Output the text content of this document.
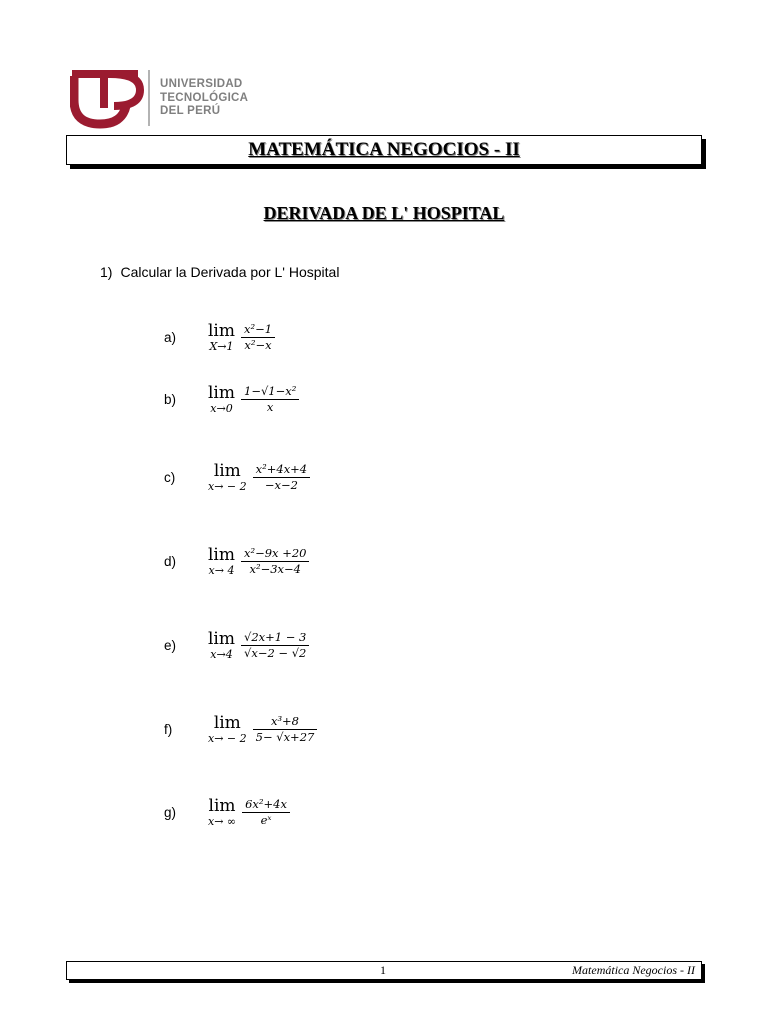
UNIVERSIDAD
TECNOLÓGICA
DEL PERÚ
MATEMÁTICA NEGOCIOS - II
DERIVADA DE L' HOSPITAL
1) Calcular la Derivada por L' Hospital
a)	lim
$X\to 1 \frac{\text{x²−1}}{\text{x²−x}}$
b)	lim
$x\to 0 \frac{\text{1−√1−x²}}{x}$
c)	lim
$x\to - 2 \frac{\text{x²+4x+4}}{-x-2}$
d)	lim
$x\to 4 \frac{\text{x²−9x +20}}{\text{x²−3x−4}}$
e)	lim
$x\to 4 \frac{√2x+1 - 3}{√x-2 - √2}$
f)	lim
$x\to - 2 \frac{\text{x³+8}}{5- √x+27}$
g)	lim
x→ ∞ $\frac{\text{6x²+4x}}{\text{eˣ}}$
1	Matemática Negocios - II
